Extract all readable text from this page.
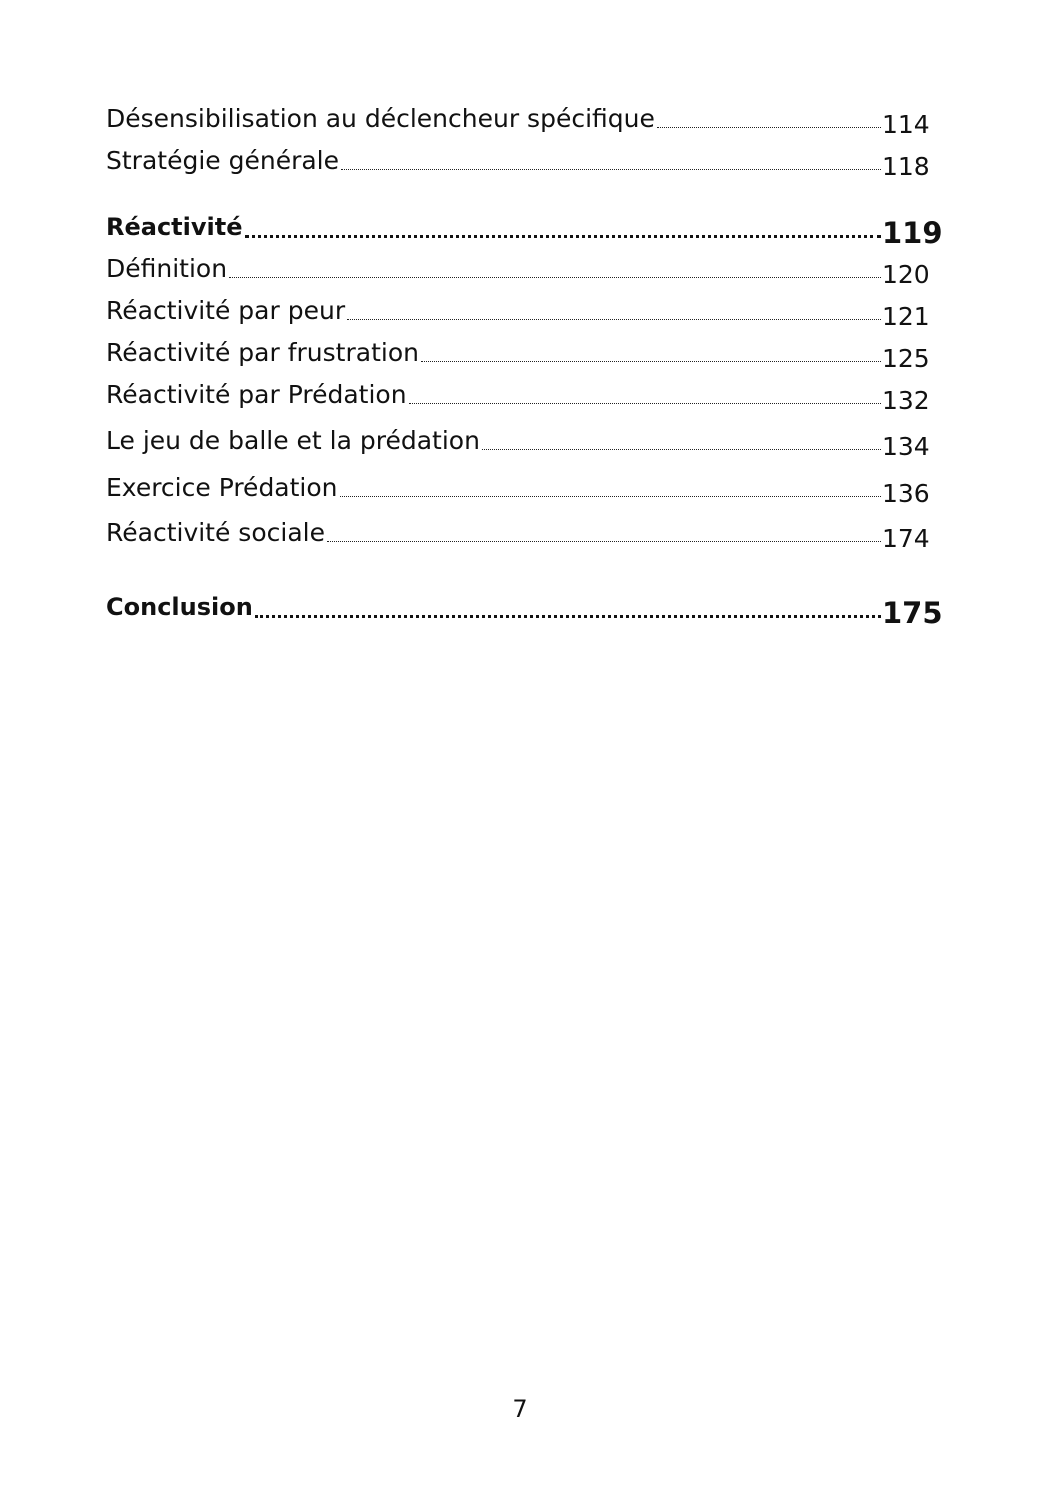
Désensibilisation au déclencheur spécifique	114
Stratégie générale	118
Réactivité	119
Définition	120
Réactivité par peur	121
Réactivité par frustration	125
Réactivité par Prédation	132
Le jeu de balle et la prédation	134
Exercice Prédation	136
Réactivité sociale	174
Conclusion	175
7
